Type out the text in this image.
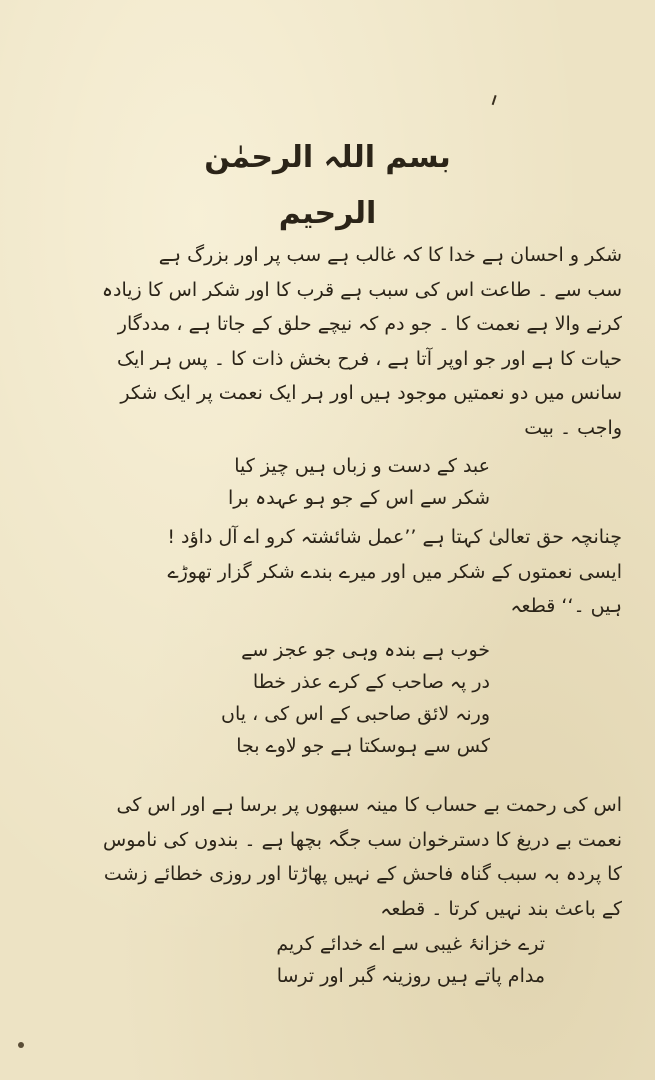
بسم اللہ الرحمٰن الرحیم
شکر و احسان ہے خدا کا کہ غالب ہے سب پر اور بزرگ ہے
سب سے ۔ طاعت اس کی سبب ہے قرب کا اور شکر اس کا زیادہ
کرنے والا ہے نعمت کا ۔ جو دم کہ نیچے حلق کے جاتا ہے ، مددگار
حیات کا ہے اور جو اوپر آتا ہے ، فرح بخش ذات کا ۔ پس ہر ایک
سانس میں دو نعمتیں موجود ہیں اور ہر ایک نعمت پر ایک شکر
واجب ۔ بیت
عبد کے دست و زباں ہیں چیز کیا
شکر سے اس کے جو ہو عہدہ برا
چنانچہ حق تعالیٰ کہتا ہے ’’عمل شائشتہ کرو اے آل داؤد !
ایسی نعمتوں کے شکر میں اور میرے بندے شکر گزار تھوڑے
ہیں ۔‘‘ قطعہ
خوب ہے بندہ وہی جو عجز سے
در پہ صاحب کے کرے عذر خطا
ورنہ لائق صاحبی کے اس کی ، یاں
کس سے ہوسکتا ہے جو لاوے بجا
اس کی رحمت بے حساب کا مینہ سبھوں پر برسا ہے اور اس کی
نعمت بے دریغ کا دسترخوان سب جگہ بچھا ہے ۔ بندوں کی ناموس
کا پردہ بہ سبب گناہ فاحش کے نہیں پھاڑتا اور روزی خطائے زشت
کے باعث بند نہیں کرتا ۔ قطعہ
ترے خزانۂ غیبی سے اے خدائے کریم
مدام پاتے ہیں روزینہ گبر اور ترسا
